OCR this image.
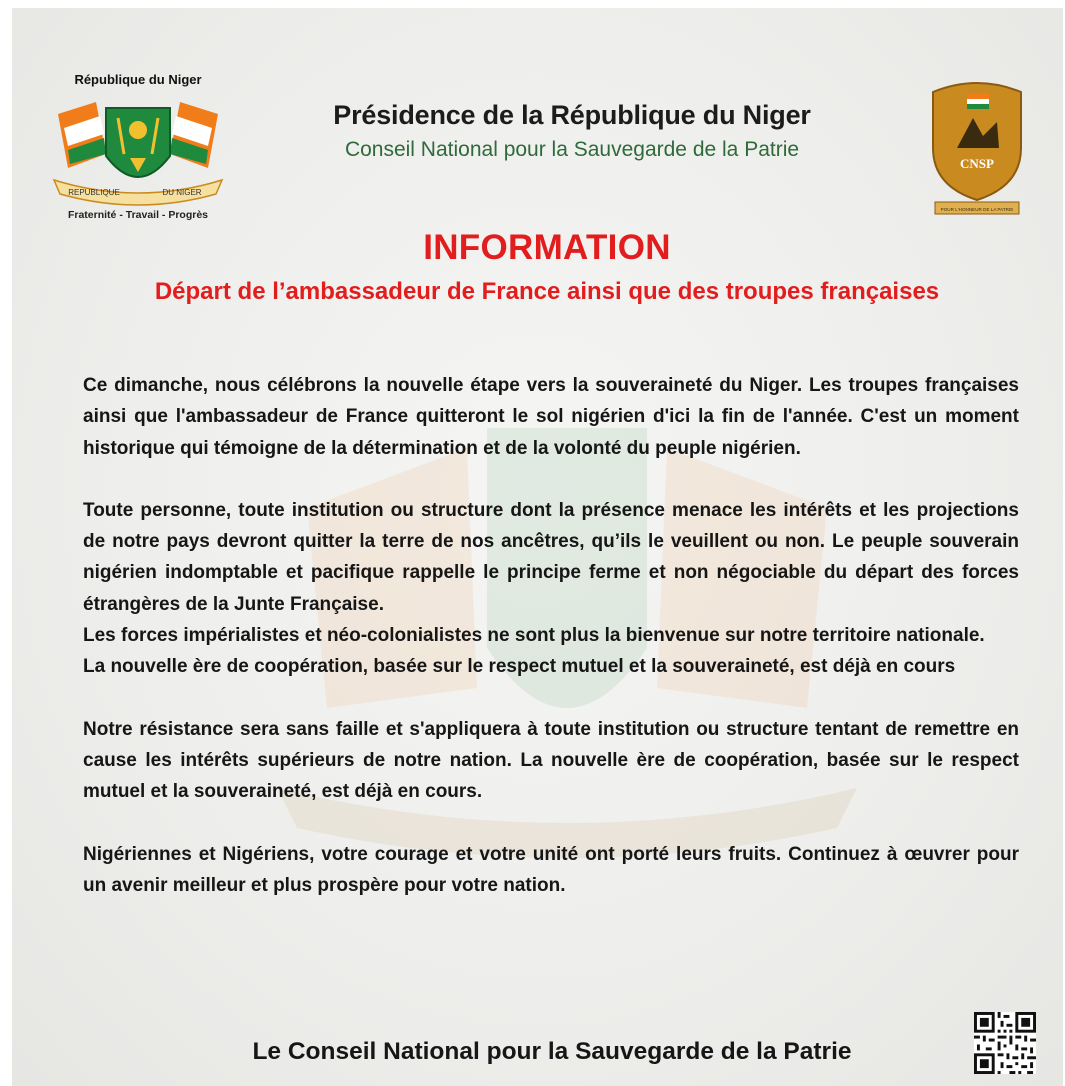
République du Niger
REPUBLIQUE	DU NIGER
Fraternité - Travail - Progrès
Présidence de la République du Niger
Conseil National pour la Sauvegarde de la Patrie
CNSP
POUR L'HONNEUR DE LA PATRIE
INFORMATION
Départ de l’ambassadeur de France ainsi que des troupes françaises

Ce dimanche, nous célébrons la nouvelle étape vers la souveraineté du Niger. Les troupes françaises ainsi que l'ambassadeur de France quitteront le sol nigérien d'ici la fin de l'année. C'est un moment historique qui témoigne de la détermination et de la volonté du peuple nigérien.

Toute personne, toute institution ou structure dont la présence menace les intérêts et les projections de notre pays devront quitter la terre de nos ancêtres, qu’ils le veuillent ou non. Le peuple souverain nigérien indomptable et pacifique rappelle le principe ferme et non négociable du départ des forces étrangères de la Junte Française.

Les forces impérialistes et néo-colonialistes ne sont plus la bienvenue sur notre territoire nationale.

La nouvelle ère de coopération, basée sur le respect mutuel et la souveraineté, est déjà en cours

Notre résistance sera sans faille et s'appliquera à toute institution ou structure tentant de remettre en cause les intérêts supérieurs de notre nation. La nouvelle ère de coopération, basée sur le respect mutuel et la souveraineté, est déjà en cours.

Nigériennes et Nigériens, votre courage et votre unité ont porté leurs fruits. Continuez à œuvrer pour un avenir meilleur et plus prospère pour votre nation.

Le Conseil National pour la Sauvegarde de la Patrie
